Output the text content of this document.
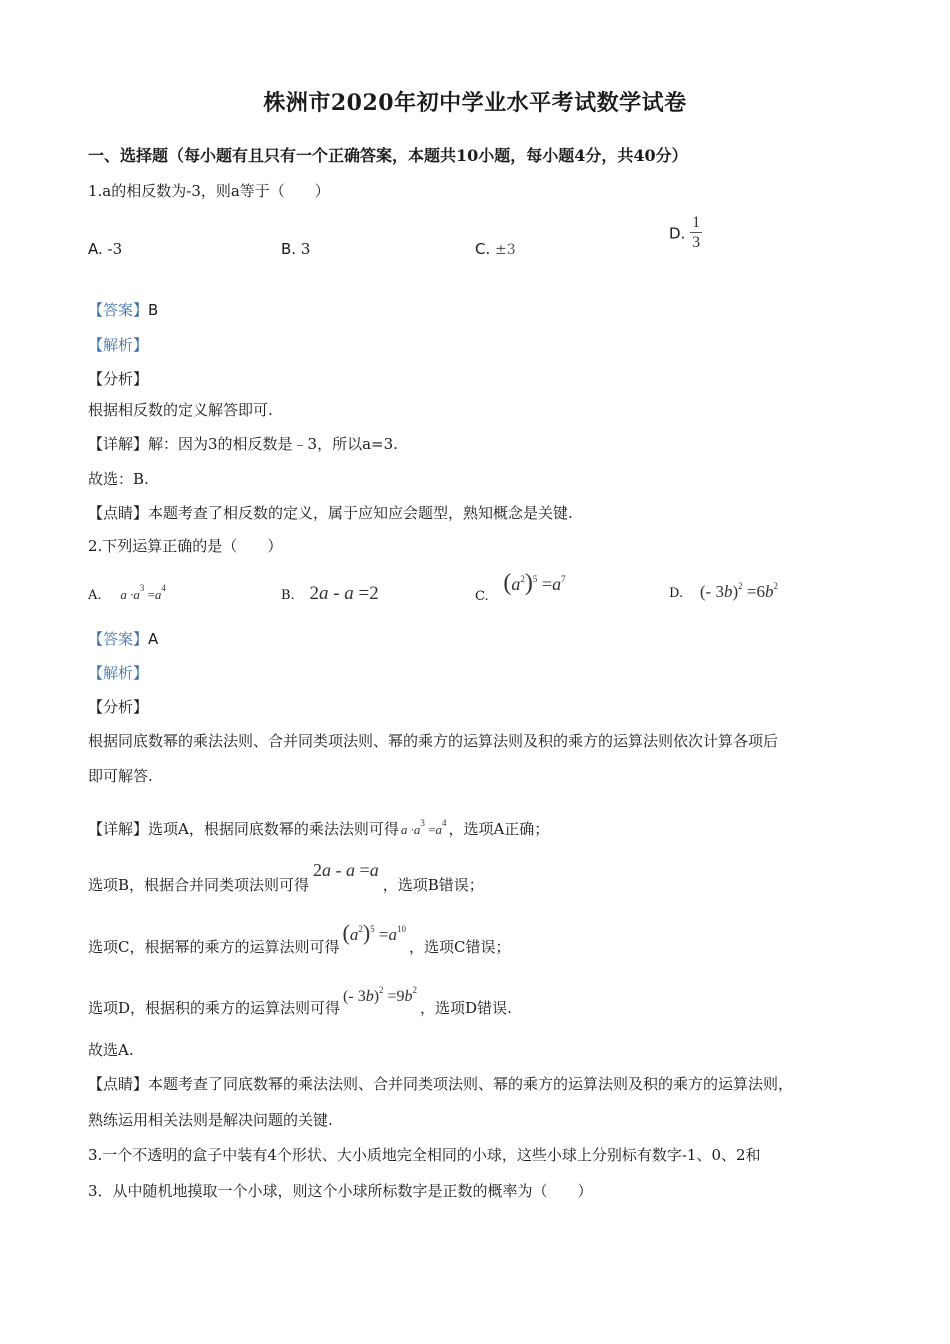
株洲市2020年初中学业水平考试数学试卷
一、选择题（每小题有且只有一个正确答案，本题共10小题，每小题4分，共40分）
1.a的相反数为-3，则a等于（　　）
A. -3	B. 3	C. ±3
D. $\frac{1}{3}$
【答案】B
【解析】
【分析】
根据相反数的定义解答即可.
【详解】解：因为3的相反数是﹣3，所以a=3.
故选：B.
【点睛】本题考查了相反数的定义，属于应知应会题型，熟知概念是关键.
2.下列运算正确的是（　　）
A. $a \cdot a^3 =a^4$	B. 2a - a =2	C. $(a^2)^5 =a^7$
D. (- $3b)^2 =6b^2$
【答案】A
【解析】
【分析】
根据同底数幂的乘法法则、合并同类项法则、幂的乘方的运算法则及积的乘方的运算法则依次计算各项后
即可解答.
【详解】选项A，根据同底数幂的乘法法则可得 $a \cdot a^3 =a^4$ ，选项A正确；
选项B，根据合并同类项法则可得2a - a =a，选项B错误；
选项C，根据幂的乘方的运算法则可得$(a^2)^5 =a^{10}$，选项C错误；
选项D，根据积的乘方的运算法则可得(- $3b)^2 =9b^2$，选项D错误.
故选A.
【点睛】本题考查了同底数幂的乘法法则、合并同类项法则、幂的乘方的运算法则及积的乘方的运算法则，
熟练运用相关法则是解决问题的关键.
3.一个不透明的盒子中装有4个形状、大小质地完全相同的小球，这些小球上分别标有数字-1、0、2和
3．从中随机地摸取一个小球，则这个小球所标数字是正数的概率为（　　）
